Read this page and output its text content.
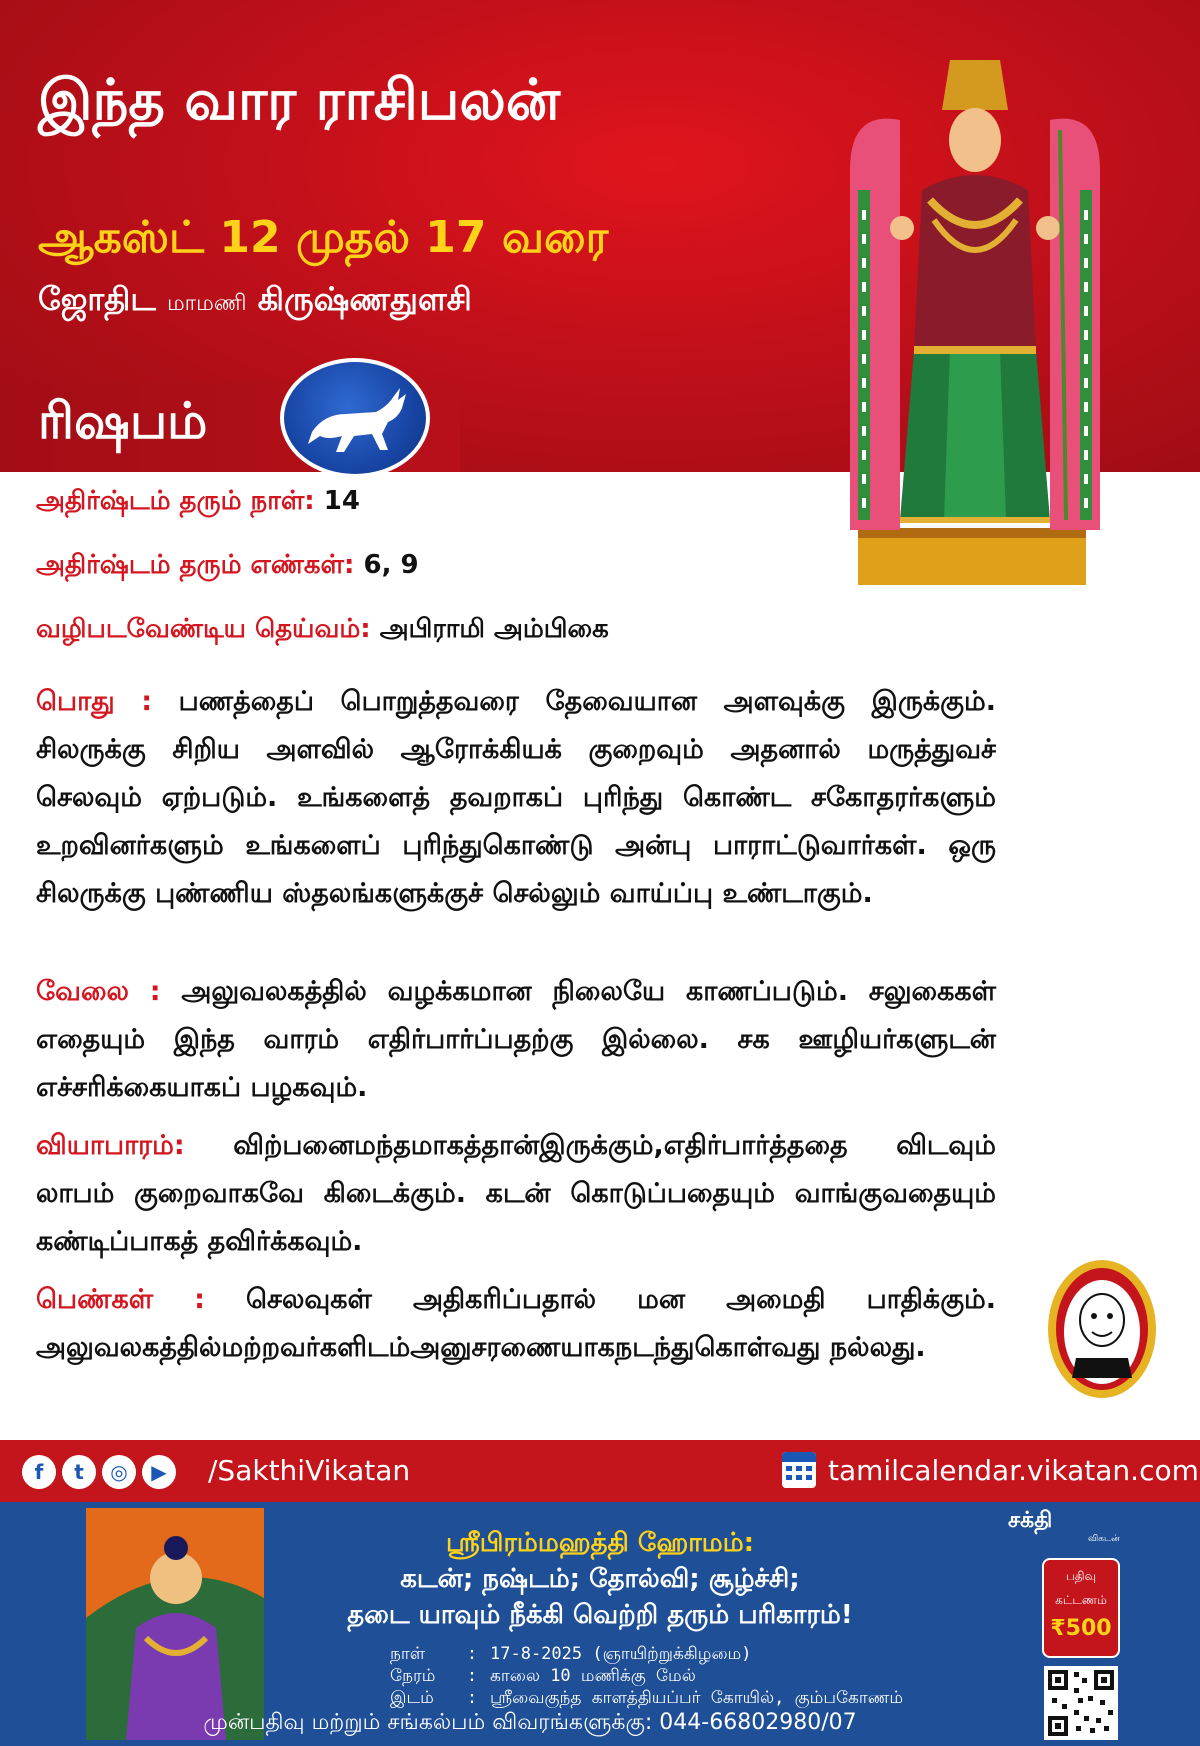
இந்த வார ராசிபலன்
ஆகஸ்ட் 12 முதல் 17 வரை
ஜோதிட மாமணி கிருஷ்ணதுளசி
ரிஷபம்
அதிர்ஷ்டம் தரும் நாள்: 14
அதிர்ஷ்டம் தரும் எண்கள்: 6, 9
வழிபடவேண்டிய தெய்வம்: அபிராமி அம்பிகை
பொது : பணத்தைப் பொறுத்தவரை தேவையான அளவுக்கு இருக்கும். சிலருக்கு சிறிய அளவில் ஆரோக்கியக் குறைவும் அதனால் மருத்துவச் செலவும் ஏற்படும். உங்களைத் தவறாகப் புரிந்து கொண்ட சகோதரர்களும் உறவினர்களும் உங்களைப் புரிந்துகொண்டு அன்பு பாராட்டுவார்கள். ஒரு சிலருக்கு புண்ணிய ஸ்தலங்களுக்குச் செல்லும் வாய்ப்பு உண்டாகும்.
வேலை : அலுவலகத்தில் வழக்கமான நிலையே காணப்படும். சலுகைகள் எதையும் இந்த வாரம் எதிர்பார்ப்பதற்கு இல்லை. சக ஊழியர்களுடன் எச்சரிக்கையாகப் பழகவும்.
வியாபாரம்: விற்பனைமந்தமாகத்தான்இருக்கும்,எதிர்பார்த்ததை விடவும் லாபம் குறைவாகவே கிடைக்கும். கடன் கொடுப்பதையும் வாங்குவதையும் கண்டிப்பாகத் தவிர்க்கவும்.
பெண்கள் : செலவுகள் அதிகரிப்பதால் மன அமைதி பாதிக்கும். அலுவலகத்தில்மற்றவர்களிடம்அனுசரணையாகநடந்துகொள்வது நல்லது.
f	t	◎	▶	/SakthiVikatan	tamilcalendar.vikatan.com
ஸ்ரீபிரம்மஹத்தி ஹோமம்:
கடன்; நஷ்டம்; தோல்வி; சூழ்ச்சி;
தடை யாவும் நீக்கி வெற்றி தரும் பரிகாரம்!
நாள் : 17-8-2025 (ஞாயிற்றுக்கிழமை)
நேரம் : காலை 10 மணிக்கு மேல்
இடம் : ஸ்ரீவைகுந்த காளத்தியப்பர் கோயில், கும்பகோணம்
முன்பதிவு மற்றும் சங்கல்பம் விவரங்களுக்கு: 044-66802980/07
சக்தி
விகடன்
பதிவு
கட்டணம்
₹500
